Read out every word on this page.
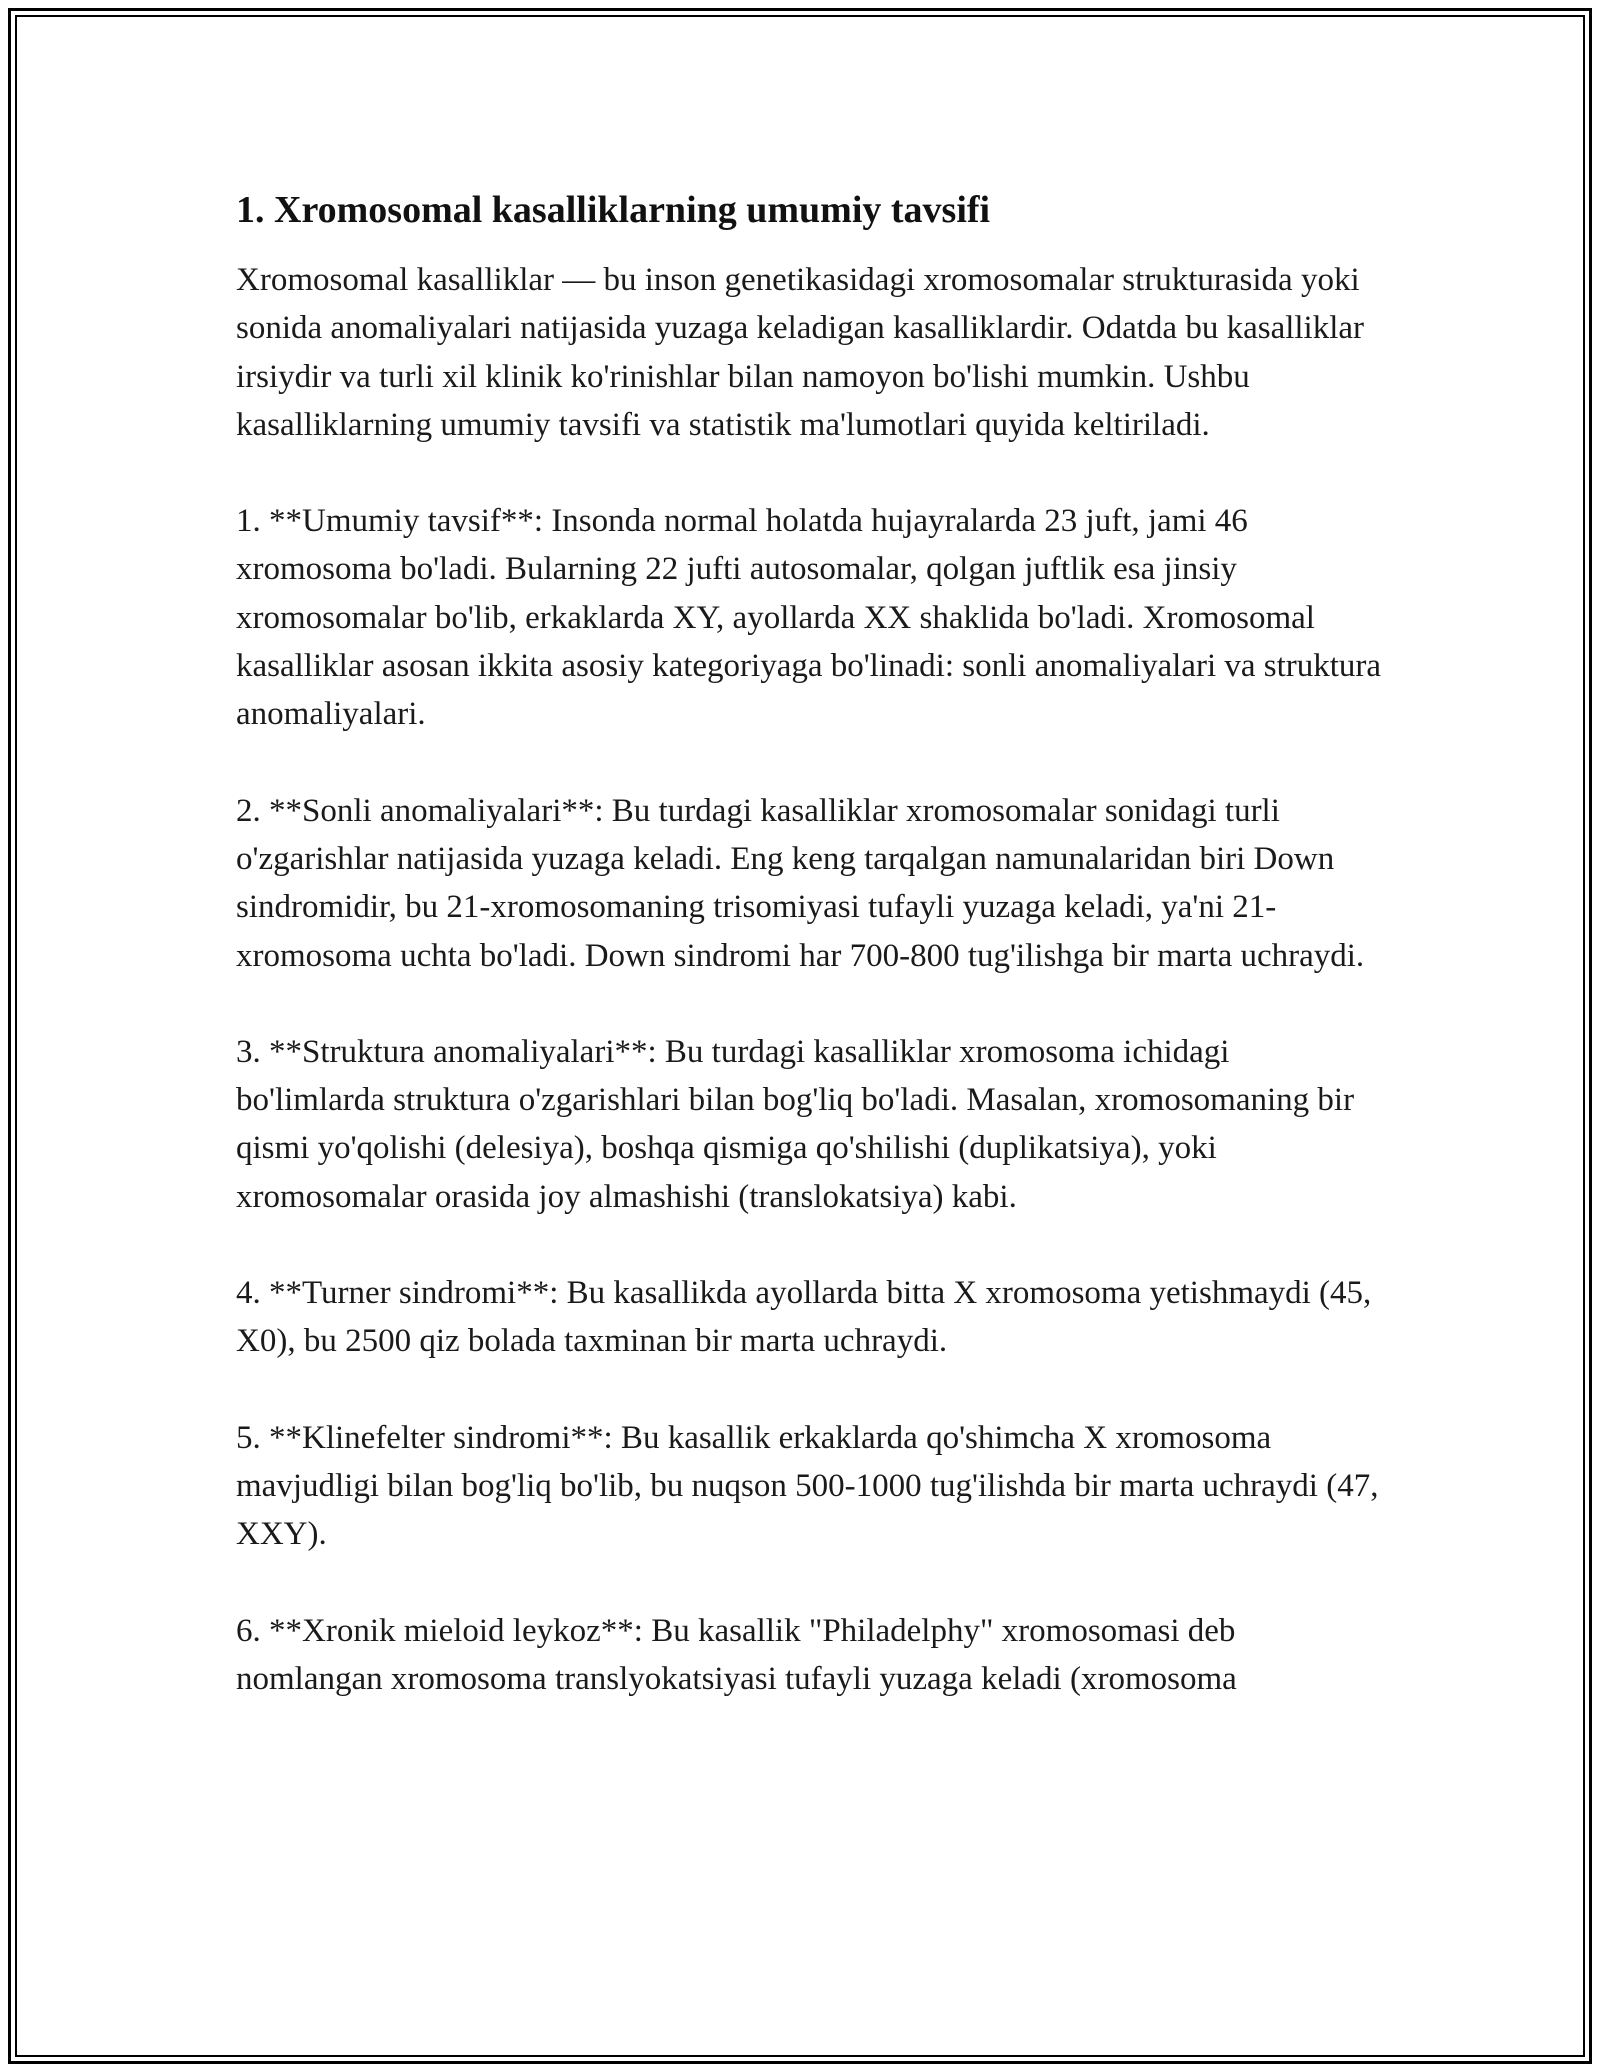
1. Xromosomal kasalliklarning umumiy tavsifi

Xromosomal kasalliklar — bu inson genetikasidagi xromosomalar strukturasida yoki sonida anomaliyalari natijasida yuzaga keladigan kasalliklardir. Odatda bu kasalliklar irsiydir va turli xil klinik ko'rinishlar bilan namoyon bo'lishi mumkin. Ushbu kasalliklarning umumiy tavsifi va statistik ma'lumotlari quyida keltiriladi.

1. **Umumiy tavsif**: Insonda normal holatda hujayralarda 23 juft, jami 46 xromosoma bo'ladi. Bularning 22 jufti autosomalar, qolgan juftlik esa jinsiy xromosomalar bo'lib, erkaklarda XY, ayollarda XX shaklida bo'ladi. Xromosomal kasalliklar asosan ikkita asosiy kategoriyaga bo'linadi: sonli anomaliyalari va struktura anomaliyalari.

2. **Sonli anomaliyalari**: Bu turdagi kasalliklar xromosomalar sonidagi turli o'zgarishlar natijasida yuzaga keladi. Eng keng tarqalgan namunalaridan biri Down sindromidir, bu 21-xromosomaning trisomiyasi tufayli yuzaga keladi, ya'ni 21-xromosoma uchta bo'ladi. Down sindromi har 700-800 tug'ilishga bir marta uchraydi.

3. **Struktura anomaliyalari**: Bu turdagi kasalliklar xromosoma ichidagi bo'limlarda struktura o'zgarishlari bilan bog'liq bo'ladi. Masalan, xromosomaning bir qismi yo'qolishi (delesiya), boshqa qismiga qo'shilishi (duplikatsiya), yoki xromosomalar orasida joy almashishi (translokatsiya) kabi.

4. **Turner sindromi**: Bu kasallikda ayollarda bitta X xromosoma yetishmaydi (45, X0), bu 2500 qiz bolada taxminan bir marta uchraydi.

5. **Klinefelter sindromi**: Bu kasallik erkaklarda qo'shimcha X xromosoma mavjudligi bilan bog'liq bo'lib, bu nuqson 500-1000 tug'ilishda bir marta uchraydi (47, XXY).

6. **Xronik mieloid leykoz**: Bu kasallik "Philadelphy" xromosomasi deb nomlangan xromosoma translyokatsiyasi tufayli yuzaga keladi (xromosoma
